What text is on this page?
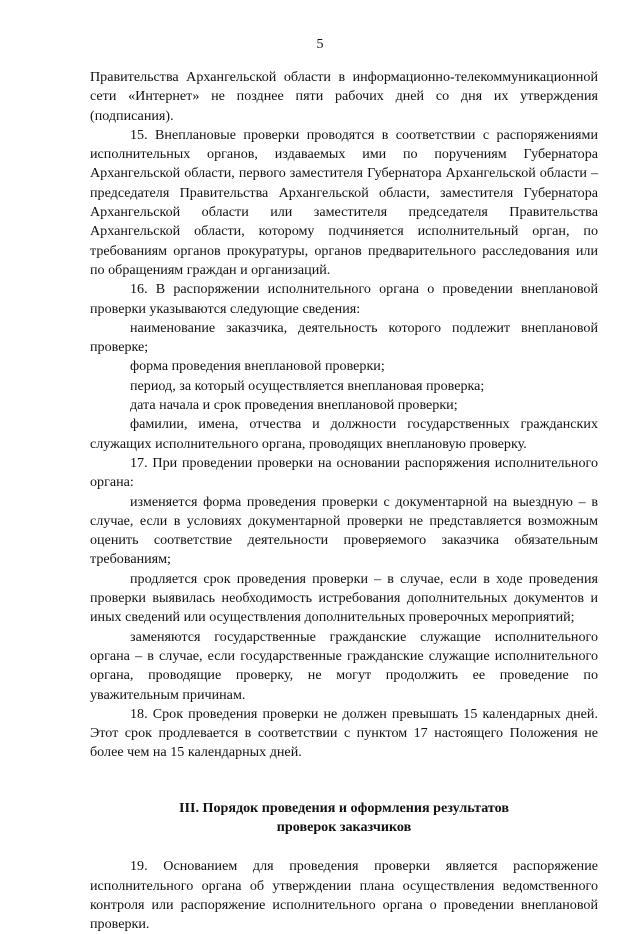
5

Правительства Архангельской области в информационно-телекоммуникационной сети «Интернет» не позднее пяти рабочих дней со дня их утверждения (подписания).

15. Внеплановые проверки проводятся в соответствии с распоряжениями исполнительных органов, издаваемых ими по поручениям Губернатора Архангельской области, первого заместителя Губернатора Архангельской области – председателя Правительства Архангельской области, заместителя Губернатора Архангельской области или заместителя председателя Правительства Архангельской области, которому подчиняется исполнительный орган, по требованиям органов прокуратуры, органов предварительного расследования или по обращениям граждан и организаций.

16. В распоряжении исполнительного органа о проведении внеплановой проверки указываются следующие сведения:

наименование заказчика, деятельность которого подлежит внеплановой проверке;

форма проведения внеплановой проверки;

период, за который осуществляется внеплановая проверка;

дата начала и срок проведения внеплановой проверки;

фамилии, имена, отчества и должности государственных гражданских служащих исполнительного органа, проводящих внеплановую проверку.

17. При проведении проверки на основании распоряжения исполнительного органа:

изменяется форма проведения проверки с документарной на выездную – в случае, если в условиях документарной проверки не представляется возможным оценить соответствие деятельности проверяемого заказчика обязательным требованиям;

продляется срок проведения проверки – в случае, если в ходе проведения проверки выявилась необходимость истребования дополнительных документов и иных сведений или осуществления дополнительных проверочных мероприятий;

заменяются государственные гражданские служащие исполнительного органа – в случае, если государственные гражданские служащие исполнительного органа, проводящие проверку, не могут продолжить ее проведение по уважительным причинам.

18. Срок проведения проверки не должен превышать 15 календарных дней. Этот срок продлевается в соответствии с пунктом 17 настоящего Положения не более чем на 15 календарных дней.

III. Порядок проведения и оформления результатов
проверок заказчиков

19. Основанием для проведения проверки является распоряжение исполнительного органа об утверждении плана осуществления ведомственного контроля или распоряжение исполнительного органа о проведении внеплановой проверки.
